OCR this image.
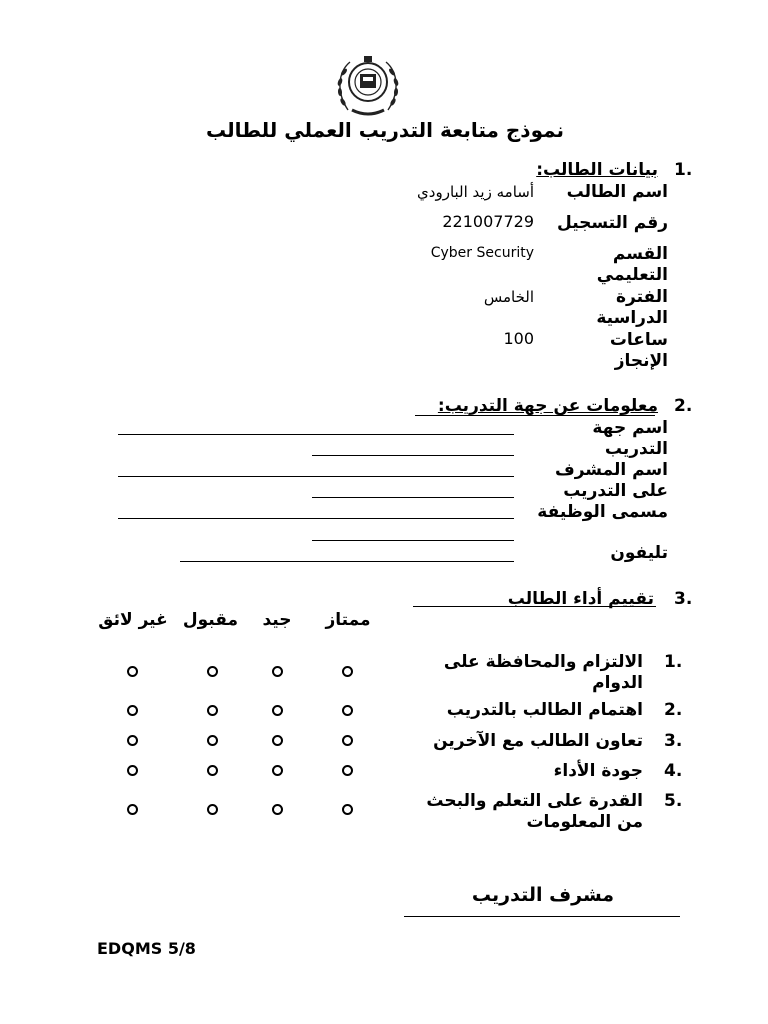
نموذج متابعة التدريب العملي للطالب
1.
بيانات الطالب:
اسم الطالب
أسامه زيد البارودي
رقم التسجيل
221007729
القسم التعليمي
Cyber Security
الفترة الدراسية
الخامس
ساعات الإنجاز
100
2.
معلومات عن جهة التدريب:
اسم جهة التدريب
اسم المشرف على التدريب
مسمى الوظيفة
تليفون
3.
تقييم أداء الطالب
ممتاز
جيد
مقبول
غير لائق
1.
الالتزام والمحافظة على الدوام
2.
اهتمام الطالب بالتدريب
3.
تعاون الطالب مع الآخرين
4.
جودة الأداء
5.
القدرة على التعلم والبحث من المعلومات
مشرف التدريب
EDQMS 5/8
